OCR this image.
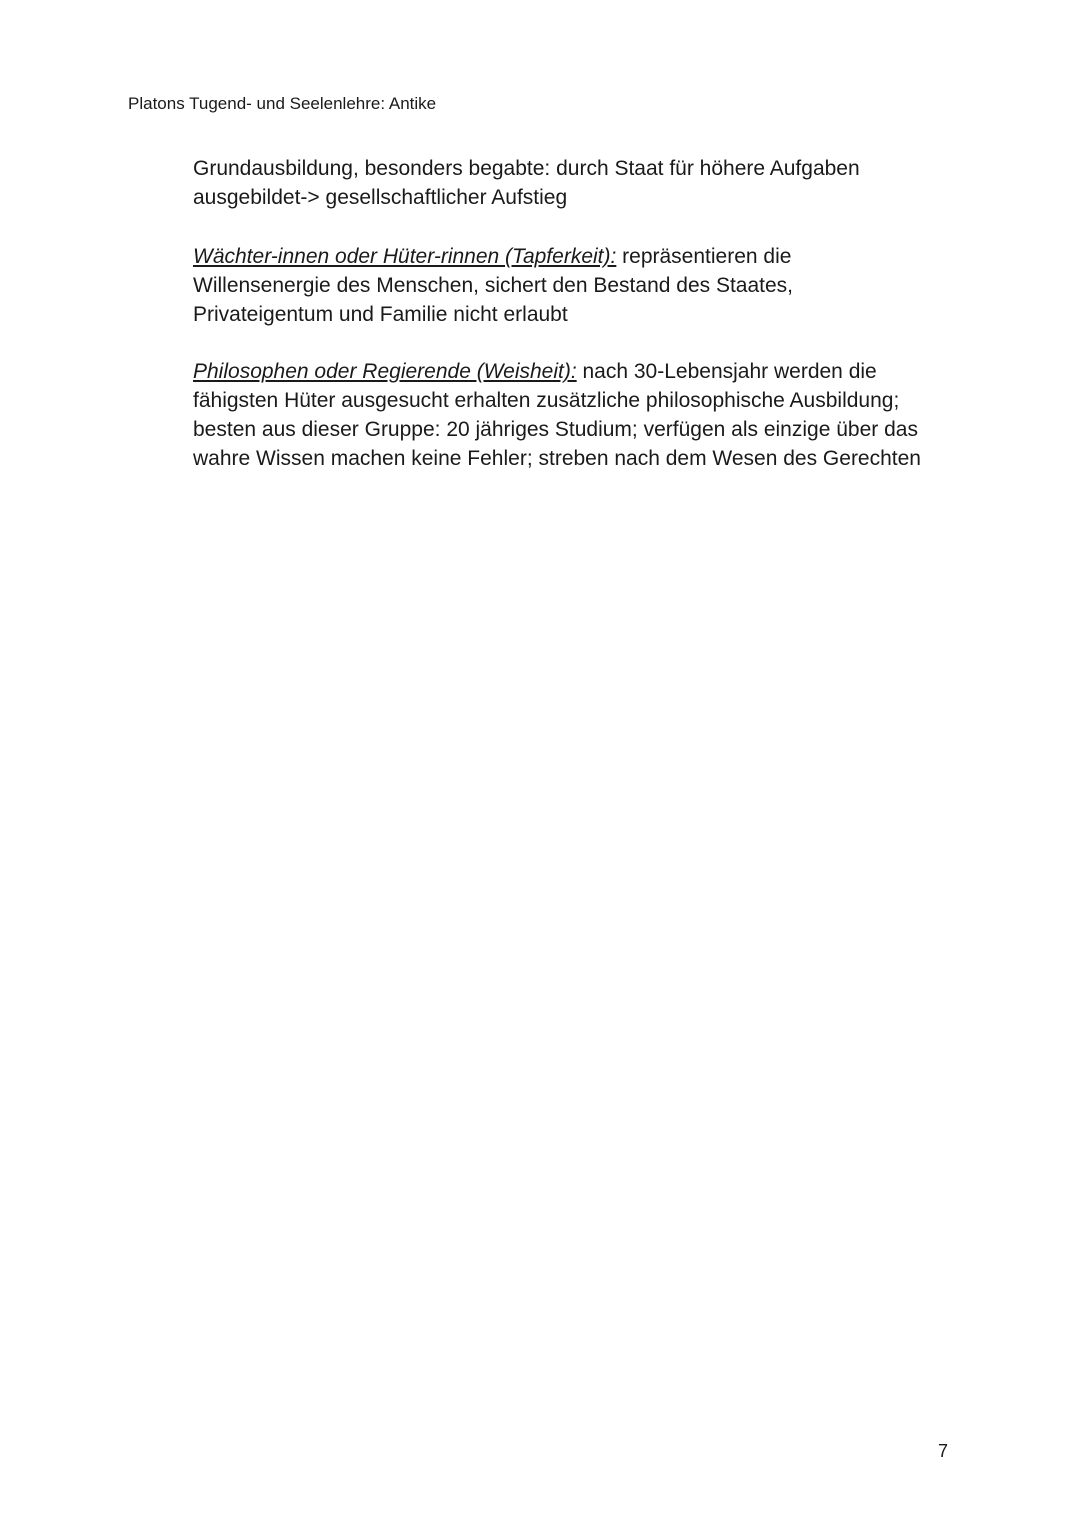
Platons Tugend- und Seelenlehre: Antike

Grundausbildung, besonders begabte: durch Staat für höhere Aufgaben
ausgebildet-> gesellschaftlicher Aufstieg

Wächter-innen oder Hüter-rinnen (Tapferkeit): repräsentieren die
Willensenergie des Menschen, sichert den Bestand des Staates,
Privateigentum und Familie nicht erlaubt

Philosophen oder Regierende (Weisheit): nach 30-Lebensjahr werden die
fähigsten Hüter ausgesucht erhalten zusätzliche philosophische Ausbildung;
besten aus dieser Gruppe: 20 jähriges Studium; verfügen als einzige über das
wahre Wissen machen keine Fehler; streben nach dem Wesen des Gerechten

7
